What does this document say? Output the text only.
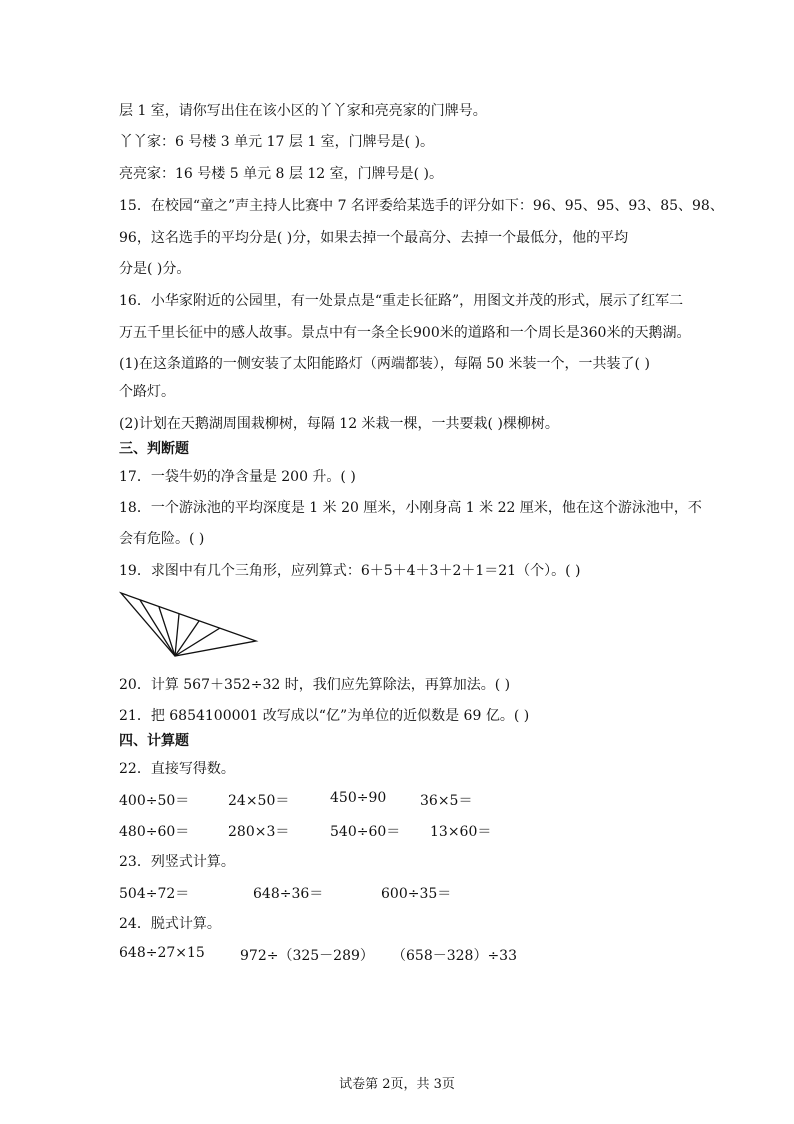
层 1 室，请你写出住在该小区的丫丫家和亮亮家的门牌号。
丫丫家：6 号楼 3 单元 17 层 1 室，门牌号是( )。
亮亮家：16 号楼 5 单元 8 层 12 室，门牌号是( )。
15．在校园“童之”声主持人比赛中 7 名评委给某选手的评分如下：96、95、95、93、85、98、
96，这名选手的平均分是( )分，如果去掉一个最高分、去掉一个最低分，他的平均
分是( )分。
16．小华家附近的公园里，有一处景点是“重走长征路”，用图文并茂的形式，展示了红军二
万五千里长征中的感人故事。景点中有一条全长900米的道路和一个周长是360米的天鹅湖。
(1)在这条道路的一侧安装了太阳能路灯（两端都装），每隔 50 米装一个，一共装了( )
个路灯。
(2)计划在天鹅湖周围栽柳树，每隔 12 米栽一棵，一共要栽( )棵柳树。
三、判断题
17．一袋牛奶的净含量是 200 升。( )
18．一个游泳池的平均深度是 1 米 20 厘米，小刚身高 1 米 22 厘米，他在这个游泳池中，不
会有危险。( )
19．求图中有几个三角形，应列算式：6＋5＋4＋3＋2＋1＝21（个）。( )
20．计算 567＋352÷32 时，我们应先算除法，再算加法。( )
21．把 6854100001 改写成以“亿”为单位的近似数是 69 亿。( )
四、计算题
22．直接写得数。
400÷50＝	24×50＝	450÷90 36×5＝
480÷60＝	280×3＝	540÷60＝ 13×60＝
23．列竖式计算。
504÷72＝	648÷36＝	600÷35＝
24．脱式计算。
648÷27×15	972÷（325－289） （658－328）÷33
试卷第 2页，共 3页
